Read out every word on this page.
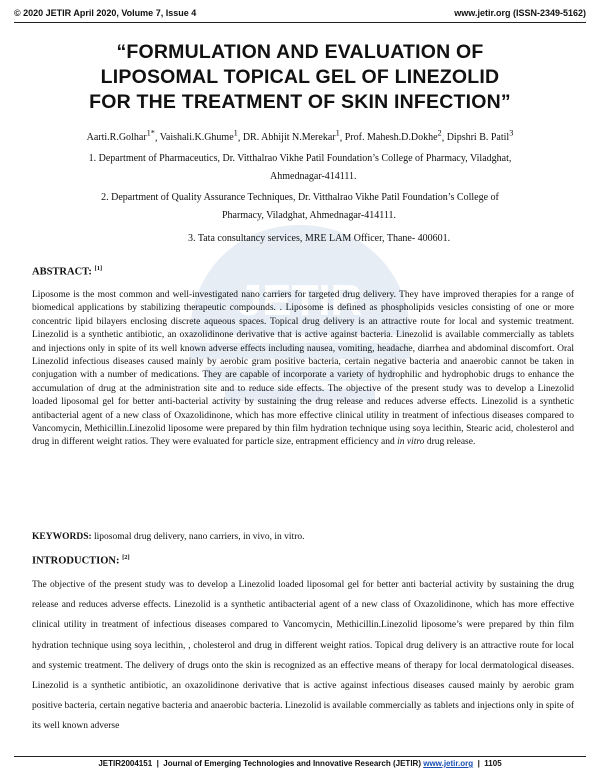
JETIR
© 2020 JETIR April 2020, Volume 7, Issue 4	www.jetir.org (ISSN-2349-5162)
“FORMULATION AND EVALUATION OF
LIPOSOMAL TOPICAL GEL OF LINEZOLID
FOR THE TREATMENT OF SKIN INFECTION”
Aarti.R.Golhar$^{1*}$, Vaishali.K.Ghume$^1$, DR. Abhijit N.Merekar$^1$, Prof. Mahesh.D.Dokhe$^2$, Dipshri B. Patil$^3$
1. Department of Pharmaceutics, Dr. Vitthalrao Vikhe Patil Foundation’s College of Pharmacy, Viladghat,
Ahmednagar-414111.
2. Department of Quality Assurance Techniques, Dr. Vitthalrao Vikhe Patil Foundation’s College of
Pharmacy, Viladghat, Ahmednagar-414111.
3. Tata consultancy services, MRE LAM Officer, Thane- 400601.
ABSTRACT: [1]
Liposome is the most common and well-investigated nano carriers for targeted drug delivery. They have improved therapies for a range of biomedical applications by stabilizing therapeutic compounds. . Liposome is defined as phospholipids vesicles consisting of one or more concentric lipid bilayers enclosing discrete aqueous spaces. Topical drug delivery is an attractive route for local and systemic treatment. Linezolid is a synthetic antibiotic, an oxazolidinone derivative that is active against bacteria. Linezolid is available commercially as tablets and injections only in spite of its well known adverse effects including nausea, vomiting, headache, diarrhea and abdominal discomfort. Oral Linezolid infectious diseases caused mainly by aerobic gram positive bacteria, certain negative bacteria and anaerobic cannot be taken in conjugation with a number of medications. They are capable of incorporate a variety of hydrophilic and hydrophobic drugs to enhance the accumulation of drug at the administration site and to reduce side effects. The objective of the present study was to develop a Linezolid loaded liposomal gel for better anti-bacterial activity by sustaining the drug release and reduces adverse effects. Linezolid is a synthetic antibacterial agent of a new class of Oxazolidinone, which has more effective clinical utility in treatment of infectious diseases compared to Vancomycin, Methicillin.Linezolid liposome were prepared by thin film hydration technique using soya lecithin, Stearic acid, cholesterol and drug in different weight ratios. They were evaluated for particle size, entrapment efficiency and in vitro drug release.
KEYWORDS: liposomal drug delivery, nano carriers, in vivo, in vitro.
INTRODUCTION: [2]
The objective of the present study was to develop a Linezolid loaded liposomal gel for better anti bacterial activity by sustaining the drug release and reduces adverse effects. Linezolid is a synthetic antibacterial agent of a new class of Oxazolidinone, which has more effective clinical utility in treatment of infectious diseases compared to Vancomycin, Methicillin.Linezolid liposome’s were prepared by thin film hydration technique using soya lecithin, , cholesterol and drug in different weight ratios. Topical drug delivery is an attractive route for local and systemic treatment. The delivery of drugs onto the skin is recognized as an effective means of therapy for local dermatological diseases. Linezolid is a synthetic antibiotic, an oxazolidinone derivative that is active against infectious diseases caused mainly by aerobic gram positive bacteria, certain negative bacteria and anaerobic bacteria. Linezolid is available commercially as tablets and injections only in spite of its well known adverse
JETIR2004151  |  Journal of Emerging Technologies and Innovative Research (JETIR) www.jetir.org  |  1105
